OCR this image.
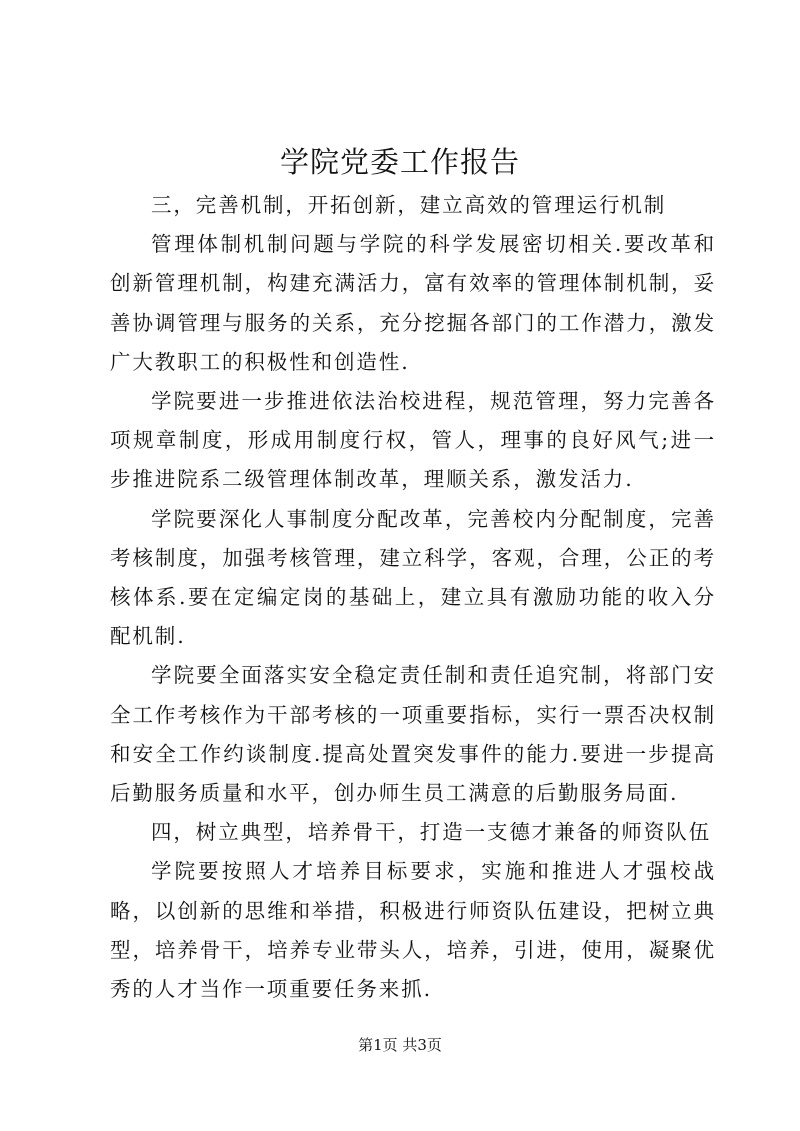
学院党委工作报告

三，完善机制，开拓创新，建立高效的管理运行机制

管理体制机制问题与学院的科学发展密切相关.要改革和创新管理机制，构建充满活力，富有效率的管理体制机制，妥善协调管理与服务的关系，充分挖掘各部门的工作潜力，激发广大教职工的积极性和创造性.

学院要进一步推进依法治校进程，规范管理，努力完善各项规章制度，形成用制度行权，管人，理事的良好风气;进一步推进院系二级管理体制改革，理顺关系，激发活力.

学院要深化人事制度分配改革，完善校内分配制度，完善考核制度，加强考核管理，建立科学，客观，合理，公正的考核体系.要在定编定岗的基础上，建立具有激励功能的收入分配机制.

学院要全面落实安全稳定责任制和责任追究制，将部门安全工作考核作为干部考核的一项重要指标，实行一票否决权制和安全工作约谈制度.提高处置突发事件的能力.要进一步提高后勤服务质量和水平，创办师生员工满意的后勤服务局面.

四，树立典型，培养骨干，打造一支德才兼备的师资队伍

学院要按照人才培养目标要求，实施和推进人才强校战略，以创新的思维和举措，积极进行师资队伍建设，把树立典型，培养骨干，培养专业带头人，培养，引进，使用，凝聚优秀的人才当作一项重要任务来抓.

第1页 共3页
